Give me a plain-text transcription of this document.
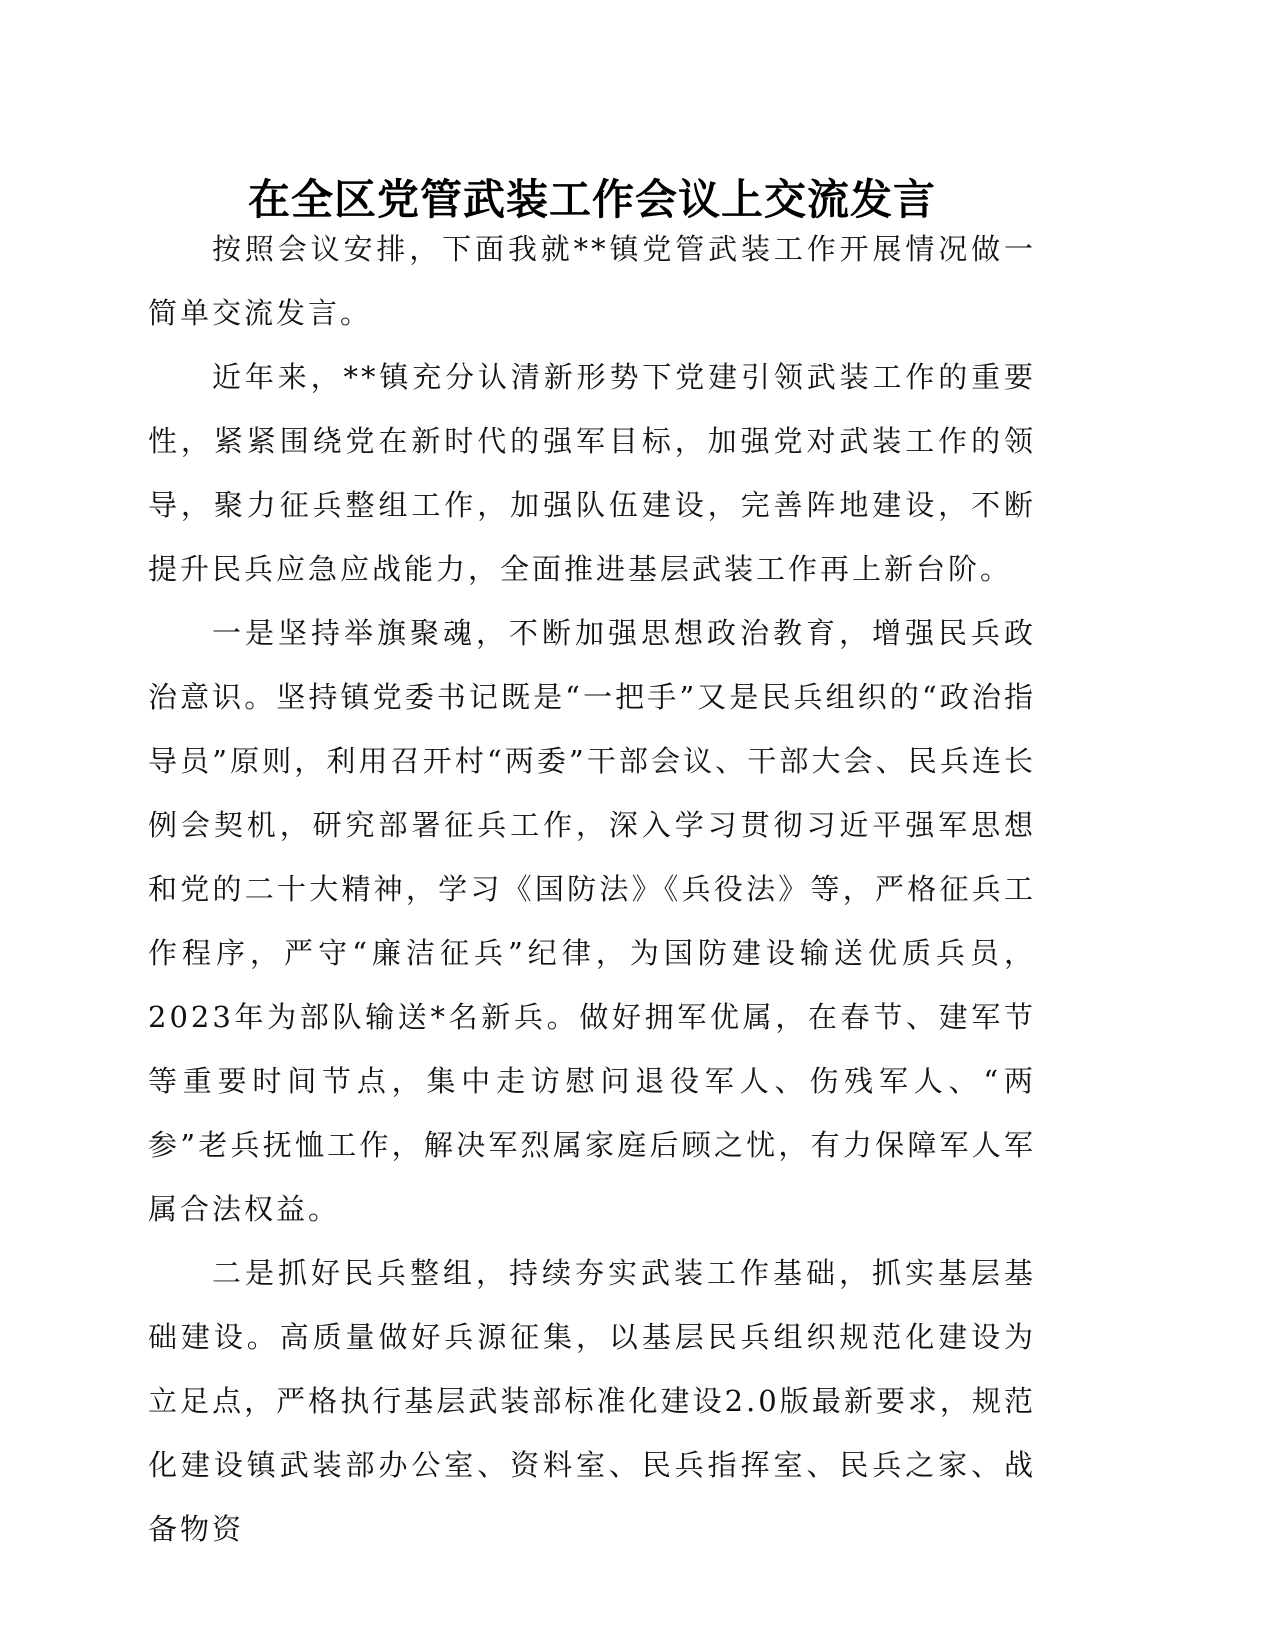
在全区党管武装工作会议上交流发言

按照会议安排，下面我就**镇党管武装工作开展情况做一简单交流发言。

近年来，**镇充分认清新形势下党建引领武装工作的重要性，紧紧围绕党在新时代的强军目标，加强党对武装工作的领导，聚力征兵整组工作，加强队伍建设，完善阵地建设，不断提升民兵应急应战能力，全面推进基层武装工作再上新台阶。

一是坚持举旗聚魂，不断加强思想政治教育，增强民兵政治意识。坚持镇党委书记既是“一把手”又是民兵组织的“政治指导员”原则，利用召开村“两委”干部会议、干部大会、民兵连长例会契机，研究部署征兵工作，深入学习贯彻习近平强军思想和党的二十大精神，学习《国防法》《兵役法》等，严格征兵工作程序，严守“廉洁征兵”纪律，为国防建设输送优质兵员，2023年为部队输送*名新兵。做好拥军优属，在春节、建军节等重要时间节点，集中走访慰问退役军人、伤残军人、“两参”老兵抚恤工作，解决军烈属家庭后顾之忧，有力保障军人军属合法权益。

二是抓好民兵整组，持续夯实武装工作基础，抓实基层基础建设。高质量做好兵源征集，以基层民兵组织规范化建设为立足点，严格执行基层武装部标准化建设2.0版最新要求，规范化建设镇武装部办公室、资料室、民兵指挥室、民兵之家、战备物资
